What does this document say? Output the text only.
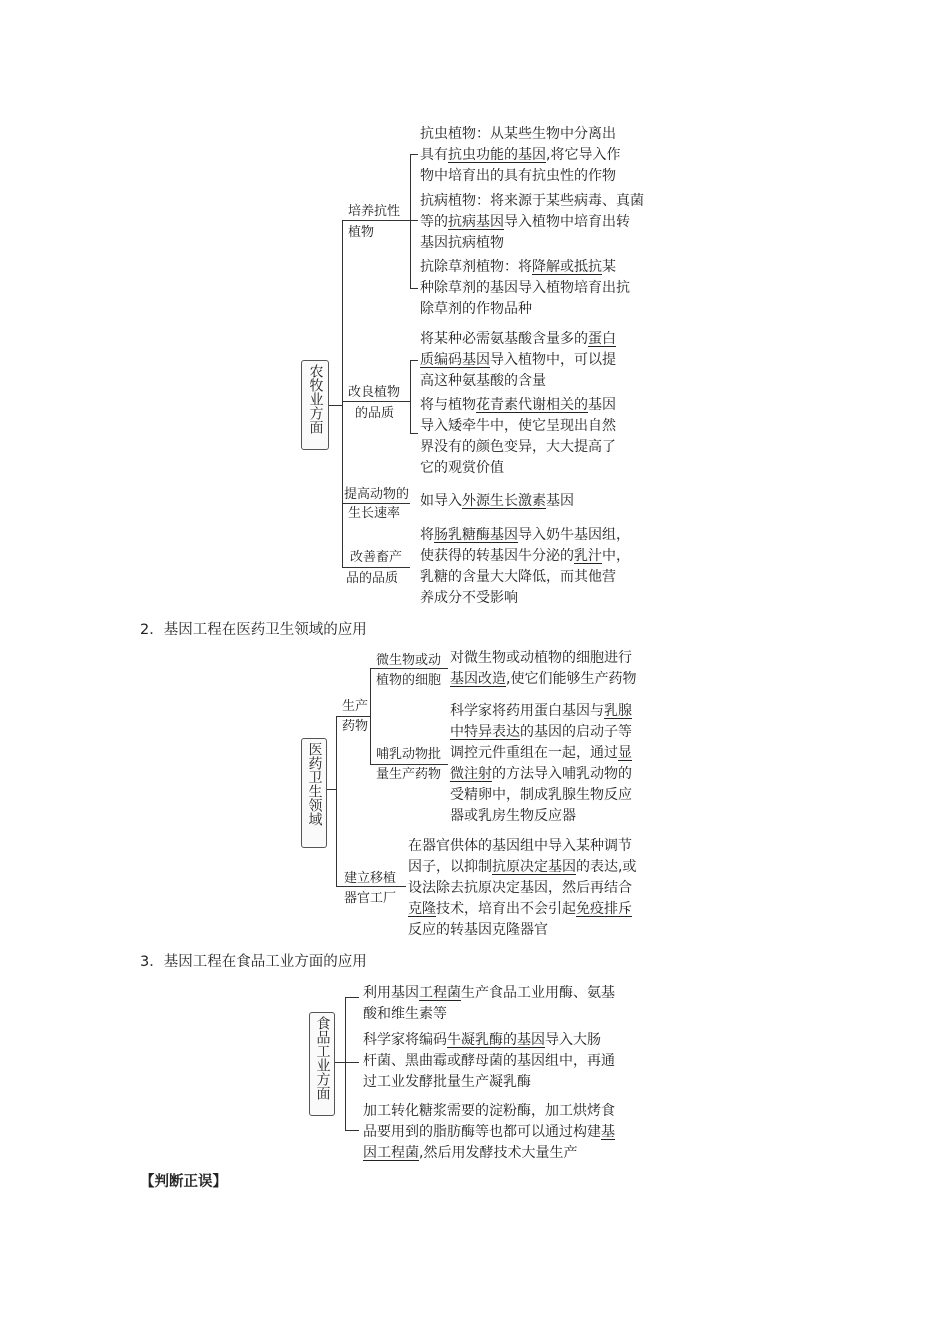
农牧业方面
培养抗性
植物
抗虫植物：从某些生物中分离出
具有抗虫功能的基因,将它导入作
物中培育出的具有抗虫性的作物
抗病植物：将来源于某些病毒、真菌
等的抗病基因导入植物中培育出转
基因抗病植物
抗除草剂植物：将降解或抵抗某
种除草剂的基因导入植物培育出抗
除草剂的作物品种
改良植物
的品质
将某种必需氨基酸含量多的蛋白
质编码基因导入植物中，可以提
高这种氨基酸的含量
将与植物花青素代谢相关的基因
导入矮牵牛中，使它呈现出自然
界没有的颜色变异，大大提高了
它的观赏价值
提高动物的
生长速率
如导入外源生长激素基因
改善畜产
品的品质
将肠乳糖酶基因导入奶牛基因组，
使获得的转基因牛分泌的乳汁中，
乳糖的含量大大降低，而其他营
养成分不受影响
2．基因工程在医药卫生领域的应用
医药卫生领域
生产
药物
微生物或动
植物的细胞
对微生物或动植物的细胞进行
基因改造,使它们能够生产药物
哺乳动物批
量生产药物
科学家将药用蛋白基因与乳腺
中特异表达的基因的启动子等
调控元件重组在一起，通过显
微注射的方法导入哺乳动物的
受精卵中，制成乳腺生物反应
器或乳房生物反应器
建立移植
器官工厂
在器官供体的基因组中导入某种调节
因子，以抑制抗原决定基因的表达,或
设法除去抗原决定基因，然后再结合
克隆技术，培育出不会引起免疫排斥
反应的转基因克隆器官
3．基因工程在食品工业方面的应用
食品工业方面
利用基因工程菌生产食品工业用酶、氨基
酸和维生素等
科学家将编码牛凝乳酶的基因导入大肠
杆菌、黑曲霉或酵母菌的基因组中，再通
过工业发酵批量生产凝乳酶
加工转化糖浆需要的淀粉酶，加工烘烤食
品要用到的脂肪酶等也都可以通过构建基
因工程菌,然后用发酵技术大量生产
【判断正误】
